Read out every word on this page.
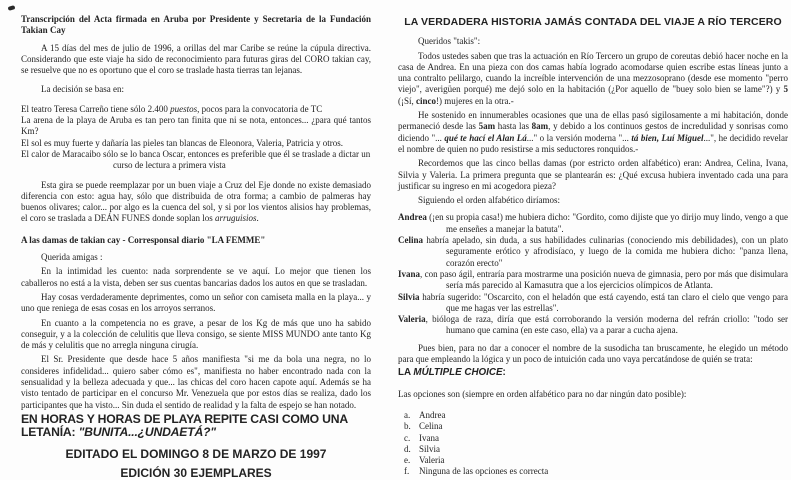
Transcripción del Acta firmada en Aruba por Presidente y Secretaria de la Fundación Takian Cay
A 15 días del mes de julio de 1996, a orillas del mar Caribe se reúne la cúpula directiva. Considerando que este viaje ha sido de reconocimiento para futuras giras del CORO takian cay, se resuelve que no es oportuno que el coro se traslade hasta tierras tan lejanas.
La decisión se basa en:
El teatro Teresa Carreño tiene sólo 2.400 puestos, pocos para la convocatoria de TC
La arena de la playa de Aruba es tan pero tan finita que ni se nota, entonces... ¿para qué tantos Km?
El sol es muy fuerte y dañaría las pieles tan blancas de Eleonora, Valeria, Patricia y otros.
El calor de Maracaibo sólo se lo banca Oscar, entonces es preferible que él se traslade a dictar un
curso de lectura a primera vista
Esta gira se puede reemplazar por un buen viaje a Cruz del Eje donde no existe demasiado diferencia con esto: agua hay, sólo que distribuida de otra forma; a cambio de palmeras hay buenos olivares; calor... por algo es la cuenca del sol, y si por los vientos alisios hay problemas, el coro se traslada a DEÁN FUNES donde soplan los arruguisios.
A las damas de takian cay - Corresponsal diario "LA FEMME"
Querida amigas :
En la intimidad les cuento: nada sorprendente se ve aquí. Lo mejor que tienen los caballeros no está a la vista, deben ser sus cuentas bancarias dados los autos en que se trasladan.
Hay cosas verdaderamente deprimentes, como un señor con camiseta malla en la playa... y uno que reniega de esas cosas en los arroyos serranos.
En cuanto a la competencia no es grave, a pesar de los Kg de más que uno ha sabido conseguir, y a la colección de celulitis que lleva consigo, se siente MISS MUNDO ante tanto Kg de más y celulitis que no arregla ninguna cirugía.
El Sr. Presidente que desde hace 5 años manifiesta "si me da bola una negra, no lo consideres infidelidad... quiero saber cómo es", manifiesta no haber encontrado nada con la sensualidad y la belleza adecuada y que... las chicas del coro hacen capote aquí. Además se ha visto tentado de participar en el concurso Mr. Venezuela que por estos días se realiza, dado los participantes que ha visto... Sin duda el sentido de realidad y la falta de espejo se han notado.
EN HORAS Y HORAS DE PLAYA REPITE CASI COMO UNA
LETANÍA: "BUNITA...¿UNDAETÁ?"
EDITADO EL DOMINGO 8 DE MARZO DE 1997
EDICIÓN 30 EJEMPLARES
LA VERDADERA HISTORIA JAMÁS CONTADA DEL VIAJE A RÍO TERCERO
Queridos "takis":
Todos ustedes saben que tras la actuación en Río Tercero un grupo de coreutas debió hacer noche en la casa de Andrea. En una pieza con dos camas había logrado acomodarse quien escribe estas líneas junto a una contralto pelilargo, cuando la increíble intervención de una mezzosoprano (desde ese momento "perro viejo", averigüen porqué) me dejó solo en la habitación (¿Por aquello de "buey solo bien se lame"?) y 5 (¡Sí, cinco!) mujeres en la otra.-
He sostenido en innumerables ocasiones que una de ellas pasó sigilosamente a mi habitación, donde permaneció desde las 5am hasta las 8am, y debido a los continuos gestos de incredulidad y sonrisas como diciendo "... qué te hací el Alan Lá..." o la versión moderna "... tá bien, Luí Miguel...", he decidido revelar el nombre de quien no pudo resistirse a mis seductores ronquidos.-
Recordemos que las cinco bellas damas (por estricto orden alfabético) eran: Andrea, Celina, Ivana, Silvia y Valeria. La primera pregunta que se plantearán es: ¿Qué excusa hubiera inventado cada una para justificar su ingreso en mi acogedora pieza?
Siguiendo el orden alfabético diríamos:
Andrea (¡en su propia casa!) me hubiera dicho: "Gordito, como dijiste que yo dirijo muy lindo, vengo a que me enseñes a manejar la batuta".
Celina habría apelado, sin duda, a sus habilidades culinarias (conociendo mis debilidades), con un plato seguramente erótico y afrodisíaco, y luego de la comida me hubiera dicho: "panza llena, corazón erecto"
Ivana, con paso ágil, entraría para mostrarme una posición nueva de gimnasia, pero por más que disimulara sería más parecido al Kamasutra que a los ejercicios olímpicos de Atlanta.
Silvia habría sugerido: "Oscarcito, con el heladón que está cayendo, está tan claro el cielo que vengo para que me hagas ver las estrellas".
Valeria, bióloga de raza, diría que está corroborando la versión moderna del refrán criollo: "todo ser humano que camina (en este caso, ella) va a parar a cucha ajena.
Pues bien, para no dar a conocer el nombre de la susodicha tan bruscamente, he elegido un método para que empleando la lógica y un poco de intuición cada uno vaya percatándose de quién se trata:
LA MÚLTIPLE CHOICE:
Las opciones son (siempre en orden alfabético para no dar ningún dato posible):
a. Andrea
b. Celina
c. Ivana
d. Silvia
e. Valeria
f. Ninguna de las opciones es correcta
